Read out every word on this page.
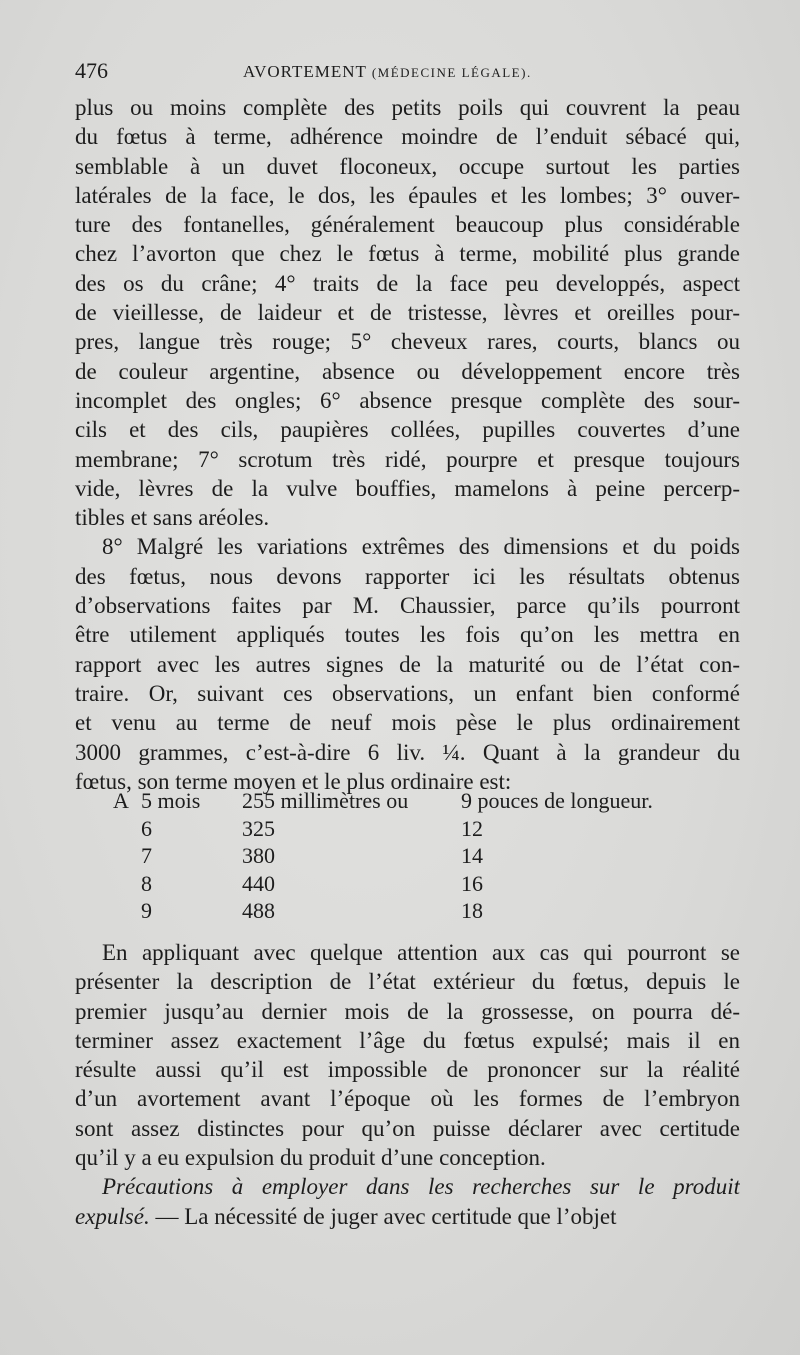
476	AVORTEMENT (MÉDECINE LÉGALE).
plus ou moins complète des petits poils qui couvrent la peau
du fœtus à terme, adhérence moindre de l’enduit sébacé qui,
semblable à un duvet floconeux, occupe surtout les parties
latérales de la face, le dos, les épaules et les lombes; 3° ouver-
ture des fontanelles, généralement beaucoup plus considérable
chez l’avorton que chez le fœtus à terme, mobilité plus grande
des os du crâne; 4° traits de la face peu developpés, aspect
de vieillesse, de laideur et de tristesse, lèvres et oreilles pour-
pres, langue très rouge; 5° cheveux rares, courts, blancs ou
de couleur argentine, absence ou développement encore très
incomplet des ongles; 6° absence presque complète des sour-
cils et des cils, paupières collées, pupilles couvertes d’une
membrane; 7° scrotum très ridé, pourpre et presque toujours
vide, lèvres de la vulve bouffies, mamelons à peine percerp-
tibles et sans aréoles.
8° Malgré les variations extrêmes des dimensions et du poids
des fœtus, nous devons rapporter ici les résultats obtenus
d’observations faites par M. Chaussier, parce qu’ils pourront
être utilement appliqués toutes les fois qu’on les mettra en
rapport avec les autres signes de la maturité ou de l’état con-
traire. Or, suivant ces observations, un enfant bien conformé
et venu au terme de neuf mois pèse le plus ordinairement
3000 grammes, c’est-à-dire 6 liv. ¼. Quant à la grandeur du
fœtus, son terme moyen et le plus ordinaire est:
A 5 mois 255 millimètres ou 9 pouces de longueur.
6	325	12
7	380	14
8	440	16
9	488	18
En appliquant avec quelque attention aux cas qui pourront se
présenter la description de l’état extérieur du fœtus, depuis le
premier jusqu’au dernier mois de la grossesse, on pourra dé-
terminer assez exactement l’âge du fœtus expulsé; mais il en
résulte aussi qu’il est impossible de prononcer sur la réalité
d’un avortement avant l’époque où les formes de l’embryon
sont assez distinctes pour qu’on puisse déclarer avec certitude
qu’il y a eu expulsion du produit d’une conception.
Précautions à employer dans les recherches sur le produit
expulsé. — La nécessité de juger avec certitude que l’objet
